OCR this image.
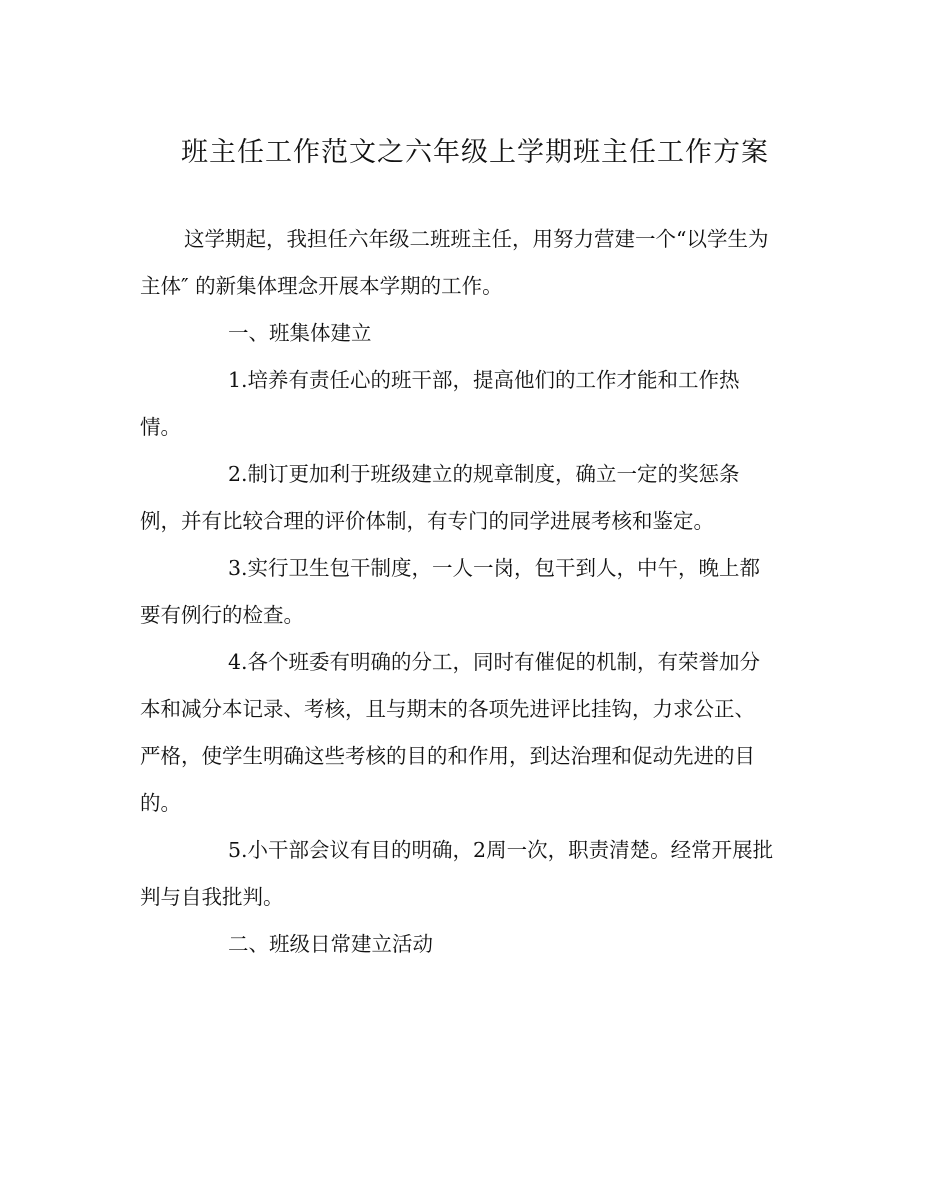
班主任工作范文之六年级上学期班主任工作方案
这学期起，我担任六年级二班班主任，用努力营建一个“以学生为
主体″ 的新集体理念开展本学期的工作。
一、班集体建立
1.培养有责任心的班干部，提高他们的工作才能和工作热
情。
2.制订更加利于班级建立的规章制度，确立一定的奖惩条
例，并有比较合理的评价体制，有专门的同学进展考核和鉴定。
3.实行卫生包干制度，一人一岗，包干到人，中午，晚上都
要有例行的检查。
4.各个班委有明确的分工，同时有催促的机制，有荣誉加分
本和减分本记录、考核，且与期末的各项先进评比挂钩，力求公正、
严格，使学生明确这些考核的目的和作用，到达治理和促动先进的目
的。
5.小干部会议有目的明确，2周一次，职责清楚。经常开展批
判与自我批判。
二、班级日常建立活动
